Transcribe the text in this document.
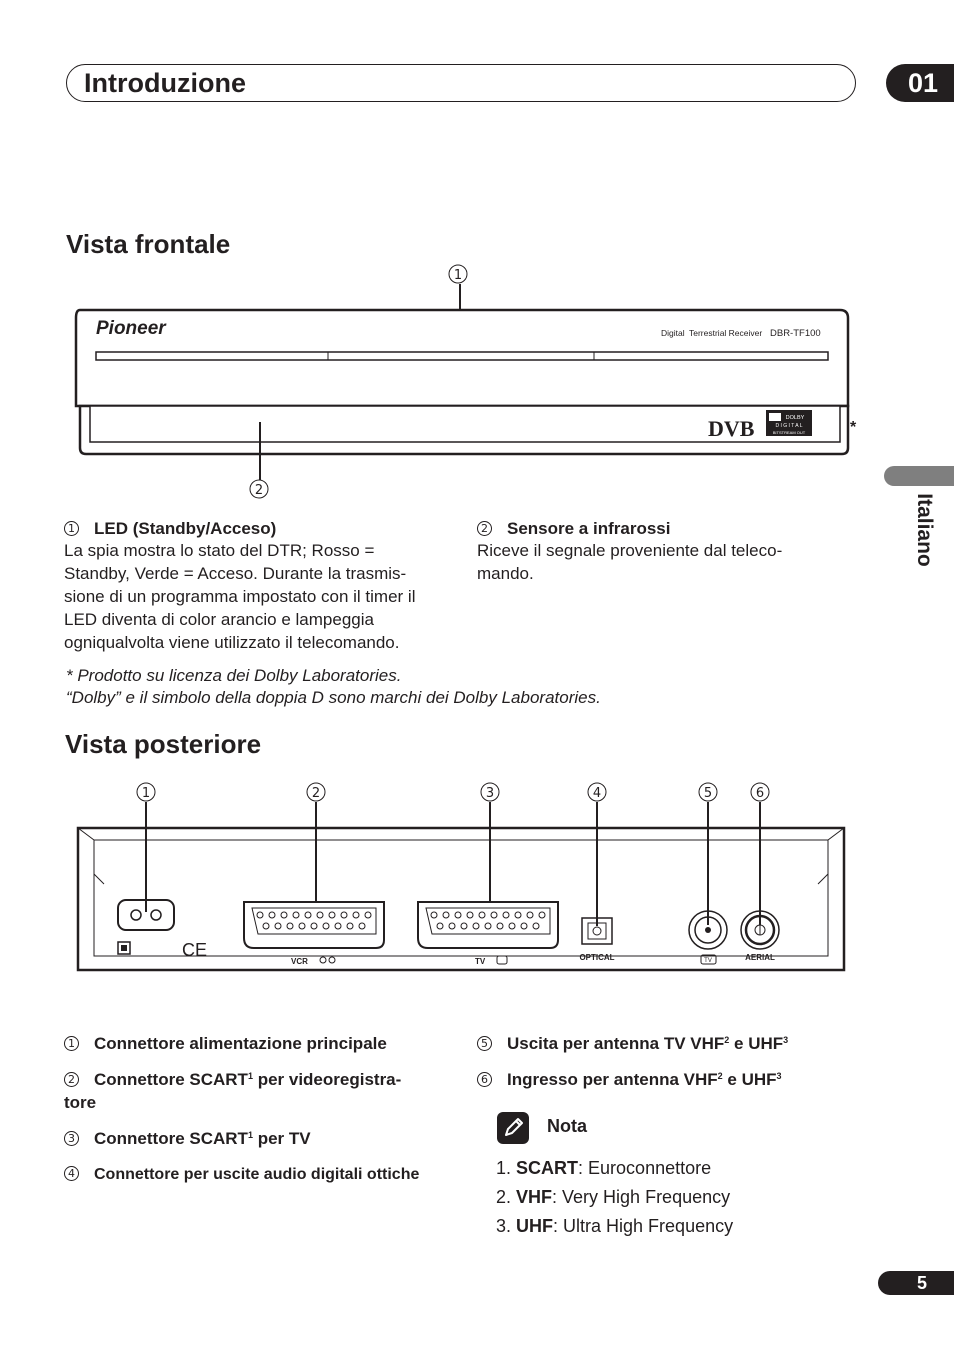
Introduzione	01
Italiano
Vista frontale
1
Pioneer	Digital Terrestrial Receiver DBR-TF100
DVB	DOLBY
D I G I T A L
BITSTREAM OUT	*
2
1 LED (Standby/Acceso)
La spia mostra lo stato del DTR; Rosso = Standby, Verde = Acceso. Durante la trasmis-sione di un programma impostato con il timer il LED diventa di color arancio e lampeggia ogniqualvolta viene utilizzato il telecomando.
2 Sensore a infrarossi
Riceve il segnale proveniente dal teleco-mando.
* Prodotto su licenza dei Dolby Laboratories.
“Dolby” e il simbolo della doppia D sono marchi dei Dolby Laboratories.
Vista posteriore
1	2	3	4	5	6
CE
VCR	TV	OPTICAL	TV	AERIAL
1 Connettore alimentazione principale
2 Connettore SCART$^1$ per videoregistra-
tore
3 Connettore SCART$^1$ per TV
4 Connettore per uscite audio digitali ottiche
5 Uscita per antenna TV VHF$^2$ e UHF$^3$
6 Ingresso per antenna VHF$^2$ e UHF$^3$
Nota
1. SCART: Euroconnettore
2. VHF: Very High Frequency
3. UHF: Ultra High Frequency
5
